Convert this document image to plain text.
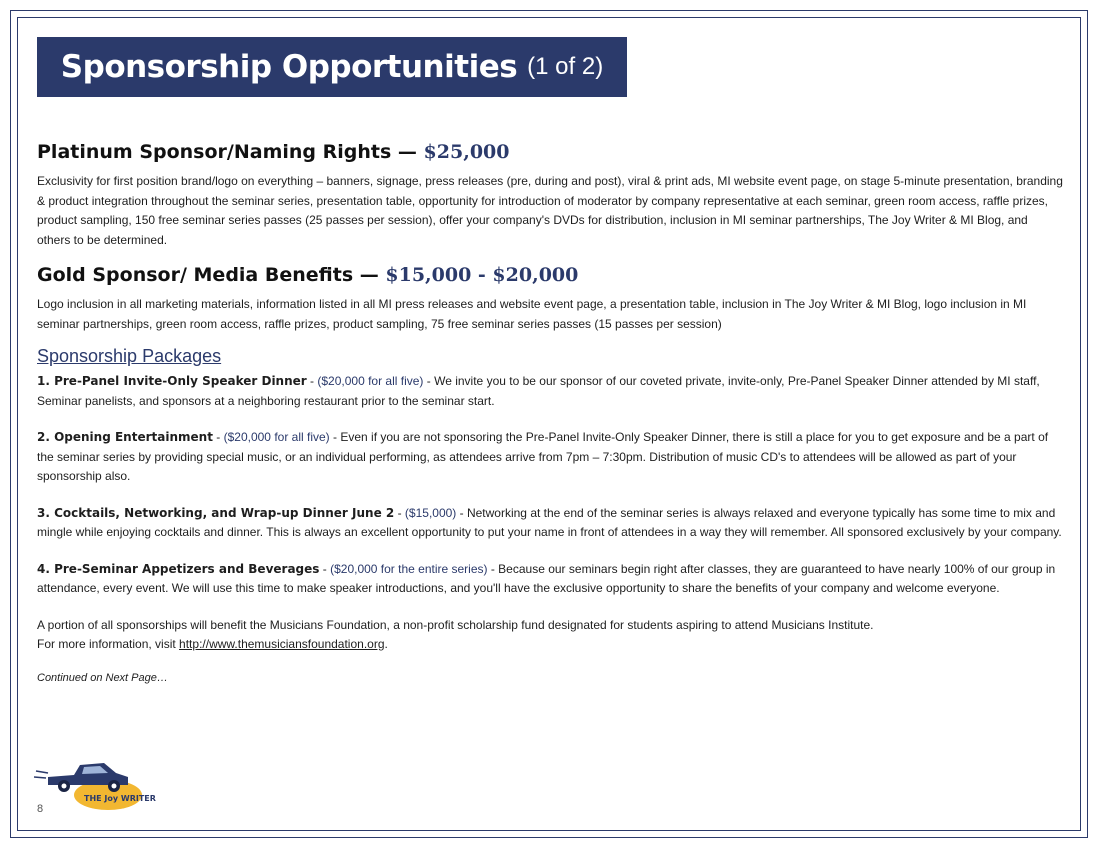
Sponsorship Opportunities (1 of 2)
Platinum Sponsor/Naming Rights — $25,000

Exclusivity for first position brand/logo on everything – banners, signage, press releases (pre, during and post), viral & print ads, MI website event page, on stage 5-minute presentation, branding & product integration throughout the seminar series, presentation table, opportunity for introduction of moderator by company representative at each seminar, green room access, raffle prizes, product sampling, 150 free seminar series passes (25 passes per session), offer your company's DVDs for distribution, inclusion in MI seminar partnerships, The Joy Writer & MI Blog, and others to be determined.

Gold Sponsor/ Media Benefits — $15,000 - $20,000

Logo inclusion in all marketing materials, information listed in all MI press releases and website event page, a presentation table, inclusion in The Joy Writer & MI Blog, logo inclusion in MI seminar partnerships, green room access, raffle prizes, product sampling, 75 free seminar series passes (15 passes per session)

Sponsorship Packages

1. Pre-Panel Invite-Only Speaker Dinner - ($20,000 for all five) - We invite you to be our sponsor of our coveted private, invite-only, Pre-Panel Speaker Dinner attended by MI staff, Seminar panelists, and sponsors at a neighboring restaurant prior to the seminar start.

2. Opening Entertainment - ($20,000 for all five) - Even if you are not sponsoring the Pre-Panel Invite-Only Speaker Dinner, there is still a place for you to get exposure and be a part of the seminar series by providing special music, or an individual performing, as attendees arrive from 7pm – 7:30pm. Distribution of music CD's to attendees will be allowed as part of your sponsorship also.

3. Cocktails, Networking, and Wrap-up Dinner June 2 - ($15,000) - Networking at the end of the seminar series is always relaxed and everyone typically has some time to mix and mingle while enjoying cocktails and dinner. This is always an excellent opportunity to put your name in front of attendees in a way they will remember. All sponsored exclusively by your company.

4. Pre-Seminar Appetizers and Beverages - ($20,000 for the entire series) - Because our seminars begin right after classes, they are guaranteed to have nearly 100% of our group in attendance, every event. We will use this time to make speaker introductions, and you'll have the exclusive opportunity to share the benefits of your company and welcome everyone.

A portion of all sponsorships will benefit the Musicians Foundation, a non-profit scholarship fund designated for students aspiring to attend Musicians Institute.
For more information, visit http://www.themusiciansfoundation.org.

Continued on Next Page…

THE Joy WRITER
8
